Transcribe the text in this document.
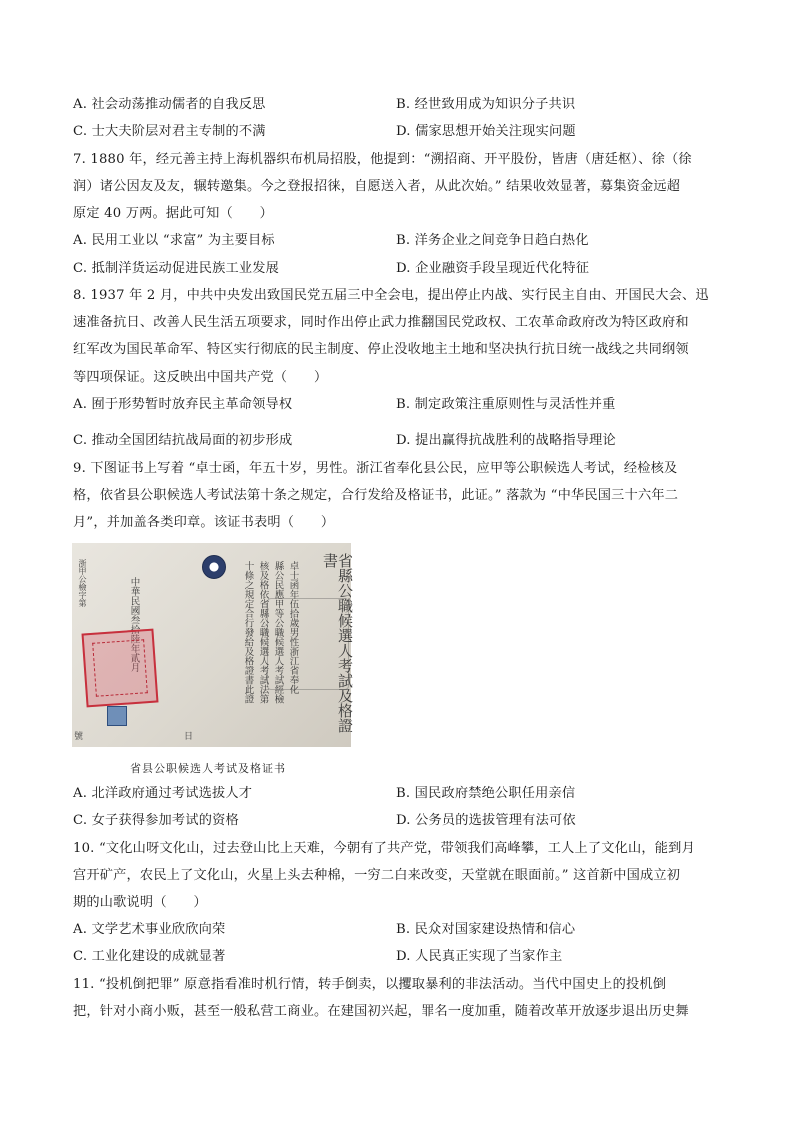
A. 社会动荡推动儒者的自我反思	B. 经世致用成为知识分子共识
C. 士大夫阶层对君主专制的不满	D. 儒家思想开始关注现实问题
7. 1880 年，经元善主持上海机器织布机局招股，他提到：“溯招商、开平股份，皆唐（唐廷枢）、徐（徐
润）诸公因友及友，辗转邀集。今之登报招徕，自愿送入者，从此次始。” 结果收效显著，募集资金远超
原定 40 万两。据此可知（　　）
A. 民用工业以 “求富” 为主要目标	B. 洋务企业之间竞争日趋白热化
C. 抵制洋货运动促进民族工业发展	D. 企业融资手段呈现近代化特征
8. 1937 年 2 月，中共中央发出致国民党五届三中全会电，提出停止内战、实行民主自由、开国民大会、迅
速准备抗日、改善人民生活五项要求，同时作出停止武力推翻国民党政权、工农革命政府改为特区政府和
红军改为国民革命军、特区实行彻底的民主制度、停止没收地主土地和坚决执行抗日统一战线之共同纲领
等四项保证。这反映出中国共产党（　　）
A. 囿于形势暂时放弃民主革命领导权	B. 制定政策注重原则性与灵活性并重
C. 推动全国团结抗战局面的初步形成	D. 提出赢得抗战胜利的战略指导理论
9. 下图证书上写着 “卓士函，年五十岁，男性。浙江省奉化县公民，应甲等公职候选人考试，经检核及
格，依省县公职候选人考试法第十条之规定，合行发给及格证书，此证。” 落款为 “中华民国三十六年二
月”，并加盖各类印章。该证书表明（　　）
省縣公職候選人考試及格證書
卓士函年伍拾歲男性浙江省奉化
縣公民應甲等公職候選人考試經檢
核及格依省縣公職候選人考試法第
十條之規定合行發給及格證書此證
中華民國叁拾陸年貳月
浙甲公檢字第
號	日
省县公职候选人考试及格证书
A. 北洋政府通过考试选拔人才	B. 国民政府禁绝公职任用亲信
C. 女子获得参加考试的资格	D. 公务员的选拔管理有法可依
10. “文化山呀文化山，过去登山比上天难，今朝有了共产党，带领我们高峰攀，工人上了文化山，能到月
宫开矿产，农民上了文化山，火星上头去种棉，一穷二白来改变，天堂就在眼面前。” 这首新中国成立初
期的山歌说明（　　）
A. 文学艺术事业欣欣向荣	B. 民众对国家建设热情和信心
C. 工业化建设的成就显著	D. 人民真正实现了当家作主
11. “投机倒把罪” 原意指看准时机行情，转手倒卖，以攫取暴利的非法活动。当代中国史上的投机倒
把，针对小商小贩，甚至一般私营工商业。在建国初兴起，罪名一度加重，随着改革开放逐步退出历史舞
